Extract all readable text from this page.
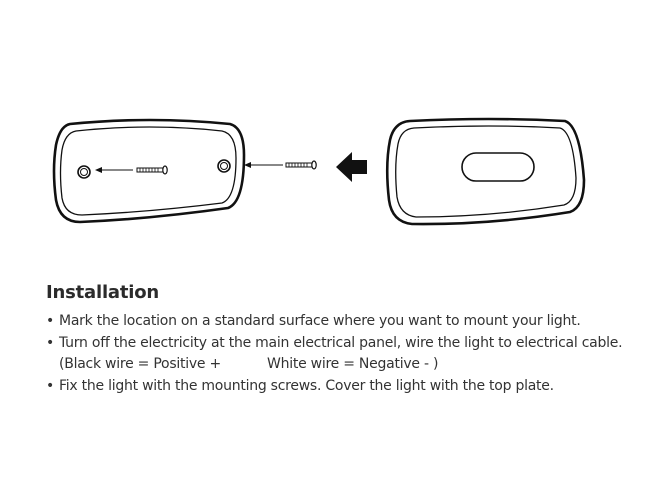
Installation
• Mark the location on a standard surface where you want to mount your light.
• Turn off the electricity at the main electrical panel, wire the light to electrical cable.
(Black wire = Positive +	White wire = Negative - )
• Fix the light with the mounting screws. Cover the light with the top plate.
